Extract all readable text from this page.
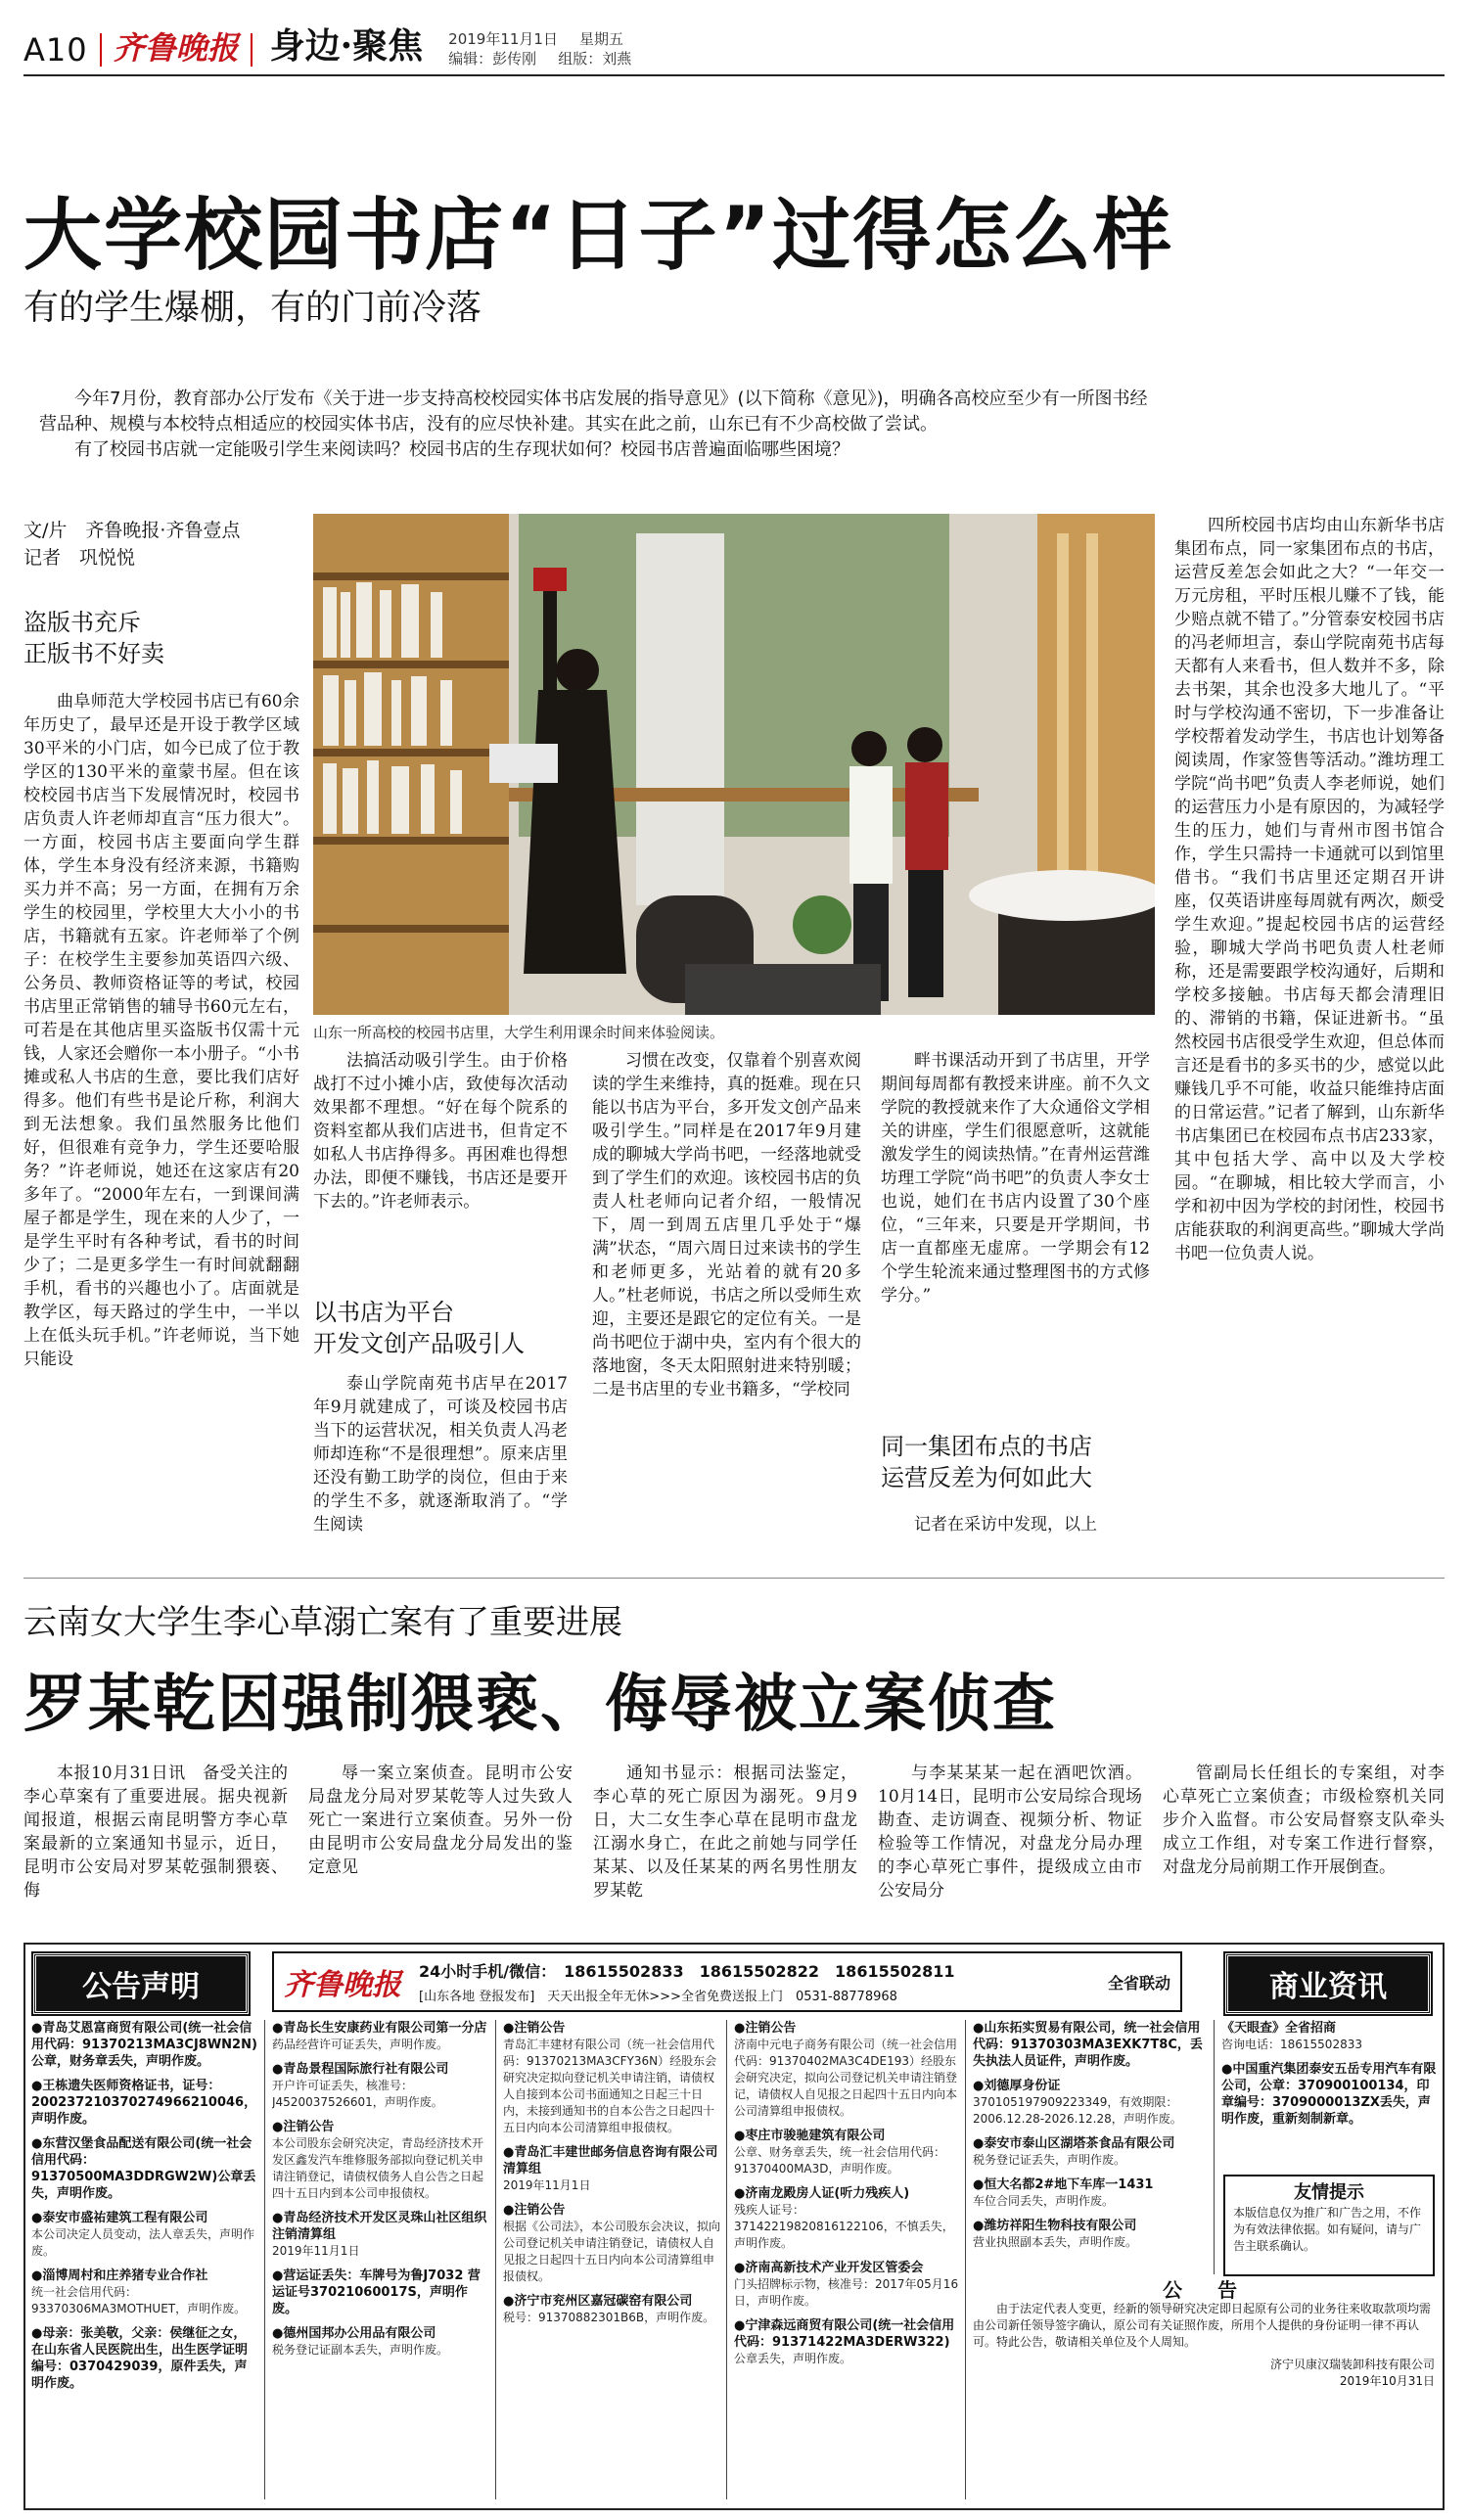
A10 齐鲁晚报 身边·聚焦 2019年11月1日 星期五
编辑：彭传刚 组版：刘燕
大学校园书店“日子”过得怎么样
有的学生爆棚，有的门前冷落

今年7月份，教育部办公厅发布《关于进一步支持高校校园实体书店发展的指导意见》(以下简称《意见》)，明确各高校应至少有一所图书经营品种、规模与本校特点相适应的校园实体书店，没有的应尽快补建。其实在此之前，山东已有不少高校做了尝试。

有了校园书店就一定能吸引学生来阅读吗？校园书店的生存现状如何？校园书店普遍面临哪些困境？

文/片　齐鲁晚报·齐鲁壹点
记者　巩悦悦
盗版书充斥
正版书不好卖
曲阜师范大学校园书店已有60余年历史了，最早还是开设于教学区域30平米的小门店，如今已成了位于教学区的130平米的童蒙书屋。但在该校校园书店当下发展情况时，校园书店负责人许老师却直言“压力很大”。一方面，校园书店主要面向学生群体，学生本身没有经济来源，书籍购买力并不高；另一方面，在拥有万余学生的校园里，学校里大大小小的书店，书籍就有五家。许老师举了个例子：在校学生主要参加英语四六级、公务员、教师资格证等的考试，校园书店里正常销售的辅导书60元左右，可若是在其他店里买盗版书仅需十元钱，人家还会赠你一本小册子。“小书摊或私人书店的生意，要比我们店好得多。他们有些书是论斤称，利润大到无法想象。我们虽然服务比他们好，但很难有竞争力，学生还要哈服务？”许老师说，她还在这家店有20多年了。“2000年左右，一到课间满屋子都是学生，现在来的人少了，一是学生平时有各种考试，看书的时间少了；二是更多学生一有时间就翻翻手机，看书的兴趣也小了。店面就是教学区，每天路过的学生中，一半以上在低头玩手机。”许老师说，当下她只能设
山东一所高校的校园书店里，大学生利用课余时间来体验阅读。
法搞活动吸引学生。由于价格战打不过小摊小店，致使每次活动效果都不理想。“好在每个院系的资料室都从我们店进书，但肯定不如私人书店挣得多。再困难也得想办法，即便不赚钱，书店还是要开下去的。”许老师表示。
以书店为平台
开发文创产品吸引人
泰山学院南苑书店早在2017年9月就建成了，可谈及校园书店当下的运营状况，相关负责人冯老师却连称“不是很理想”。原来店里还没有勤工助学的岗位，但由于来的学生不多，就逐渐取消了。“学生阅读
习惯在改变，仅靠着个别喜欢阅读的学生来维持，真的挺难。现在只能以书店为平台，多开发文创产品来吸引学生。”同样是在2017年9月建成的聊城大学尚书吧，一经落地就受到了学生们的欢迎。该校园书店的负责人杜老师向记者介绍，一般情况下，周一到周五店里几乎处于“爆满”状态，“周六周日过来读书的学生和老师更多，光站着的就有20多人。”杜老师说，书店之所以受师生欢迎，主要还是跟它的定位有关。一是尚书吧位于湖中央，室内有个很大的落地窗，冬天太阳照射进来特别暖；二是书店里的专业书籍多，“学校同
畔书课活动开到了书店里，开学期间每周都有教授来讲座。前不久文学院的教授就来作了大众通俗文学相关的讲座，学生们很愿意听，这就能激发学生的阅读热情。”在青州运营潍坊理工学院“尚书吧”的负责人李女士也说，她们在书店内设置了30个座位，“三年来，只要是开学期间，书店一直都座无虚席。一学期会有12个学生轮流来通过整理图书的方式修学分。”
同一集团布点的书店
运营反差为何如此大
记者在采访中发现，以上
四所校园书店均由山东新华书店集团布点，同一家集团布点的书店，运营反差怎会如此之大？“一年交一万元房租，平时压根儿赚不了钱，能少赔点就不错了。”分管泰安校园书店的冯老师坦言，泰山学院南苑书店每天都有人来看书，但人数并不多，除去书架，其余也没多大地儿了。“平时与学校沟通不密切，下一步准备让学校帮着发动学生，书店也计划筹备阅读周，作家签售等活动。”潍坊理工学院“尚书吧”负责人李老师说，她们的运营压力小是有原因的，为减轻学生的压力，她们与青州市图书馆合作，学生只需持一卡通就可以到馆里借书。“我们书店里还定期召开讲座，仅英语讲座每周就有两次，颇受学生欢迎。”提起校园书店的运营经验，聊城大学尚书吧负责人杜老师称，还是需要跟学校沟通好，后期和学校多接触。书店每天都会清理旧的、滞销的书籍，保证进新书。“虽然校园书店很受学生欢迎，但总体而言还是看书的多买书的少，感觉以此赚钱几乎不可能，收益只能维持店面的日常运营。”记者了解到，山东新华书店集团已在校园布点书店233家，其中包括大学、高中以及大学校园。“在聊城，相比较大学而言，小学和初中因为学校的封闭性，校园书店能获取的利润更高些。”聊城大学尚书吧一位负责人说。
云南女大学生李心草溺亡案有了重要进展
罗某乾因强制猥亵、侮辱被立案侦查
本报10月31日讯　备受关注的李心草案有了重要进展。据央视新闻报道，根据云南昆明警方李心草案最新的立案通知书显示，近日，昆明市公安局对罗某乾强制猥亵、侮
辱一案立案侦查。昆明市公安局盘龙分局对罗某乾等人过失致人死亡一案进行立案侦查。另外一份由昆明市公安局盘龙分局发出的鉴定意见
通知书显示：根据司法鉴定，李心草的死亡原因为溺死。9月9日，大二女生李心草在昆明市盘龙江溺水身亡，在此之前她与同学任某某、以及任某某的两名男性朋友罗某乾
与李某某某一起在酒吧饮酒。10月14日，昆明市公安局综合现场勘查、走访调查、视频分析、物证检验等工作情况，对盘龙分局办理的李心草死亡事件，提级成立由市公安局分
管副局长任组长的专案组，对李心草死亡立案侦查；市级检察机关同步介入监督。市公安局督察支队牵头成立工作组，对专案工作进行督察，对盘龙分局前期工作开展倒查。
公告声明	商业资讯
齐鲁晚报 24小时手机/微信： 18615502833　18615502822　18615502811
[山东各地 登报发布]　天天出报全年无休>>>全省免费送报上门　0531-88778968
全省联动
●青岛艾恩富商贸有限公司(统一社会信用代码：91370213MA3CJ8WN2N)公章，财务章丢失，声明作废。
●王栋遗失医师资格证书，证号：200237210370274966210046，声明作废。
●东营汉堡食品配送有限公司(统一社会信用代码：91370500MA3DDRGW2W)公章丢失，声明作废。
●泰安市盛祐建筑工程有限公司
本公司决定人员变动，法人章丢失，声明作废。
●淄博周村和庄养猪专业合作社
统一社会信用代码：93370306MA3MOTHUET，声明作废。
●母亲：张美敬，父亲：侯继征之女，在山东省人民医院出生，出生医学证明编号：0370429039，原件丢失，声明作废。
●青岛长生安康药业有限公司第一分店
药品经营许可证丢失，声明作废。
●青岛景程国际旅行社有限公司
开户许可证丢失，核准号：J4520037526601，声明作废。
●注销公告
本公司股东会研究决定，青岛经济技术开发区鑫发汽车维修服务部拟向登记机关申请注销登记，请债权债务人自公告之日起四十五日内到本公司申报债权。
●青岛经济技术开发区灵珠山社区组织注销清算组
2019年11月1日
●营运证丢失：车牌号为鲁J7032 营运证号37021060017S，声明作废。
●德州国邦办公用品有限公司
税务登记证副本丢失，声明作废。
●注销公告
青岛汇丰建材有限公司（统一社会信用代码：91370213MA3CFY36N）经股东会研究决定拟向登记机关申请注销，请债权人自接到本公司书面通知之日起三十日内，未接到通知书的自本公告之日起四十五日内向本公司清算组申报债权。
●青岛汇丰建世邮务信息咨询有限公司清算组
2019年11月1日
●注销公告
根据《公司法》，本公司股东会决议，拟向公司登记机关申请注销登记，请债权人自见报之日起四十五日内向本公司清算组申报债权。
●济宁市兖州区嘉冠碳窑有限公司
税号：91370882301B6B，声明作废。
●注销公告
济南中元电子商务有限公司（统一社会信用代码：91370402MA3C4DE193）经股东会研究决定，拟向公司登记机关申请注销登记，请债权人自见报之日起四十五日内向本公司清算组申报债权。
●枣庄市骏驰建筑有限公司
公章、财务章丢失，统一社会信用代码：91370400MA3D，声明作废。
●济南龙殿房人证(听力残疾人)
残疾人证号：37142219820816122106，不慎丢失，声明作废。
●济南高新技术产业开发区管委会
门头招牌标示物，核准号：2017年05月16日，声明作废。
●宁津森远商贸有限公司(统一社会信用代码：91371422MA3DERW322)
公章丢失，声明作废。
●山东拓实贸易有限公司，统一社会信用代码：91370303MA3EXK7T8C，丢失执法人员证件，声明作废。
●刘德厚身份证
370105197909223349，有效期限：2006.12.28-2026.12.28，声明作废。
●泰安市泰山区湖塔茶食品有限公司
税务登记证丢失，声明作废。
●恒大名都2#地下车库一1431
车位合同丢失，声明作废。
●潍坊祥阳生物科技有限公司
营业执照副本丢失，声明作废。
《天眼查》全省招商
咨询电话：18615502833
●中国重汽集团泰安五岳专用汽车有限公司，公章：370900100134，印章编号：3709000013ZX丢失，声明作废，重新刻制新章。
友情提示
本版信息仅为推广和广告之用，不作为有效法律依据。如有疑问，请与广告主联系确认。
公　告
由于法定代表人变更，经新的领导研究决定即日起原有公司的业务往来收取款项均需由公司新任领导签字确认，原公司有关证照作废，所用个人提供的身份证明一律不再认可。特此公告，敬请相关单位及个人周知。
济宁贝康汉瑞装卸科技有限公司
2019年10月31日
